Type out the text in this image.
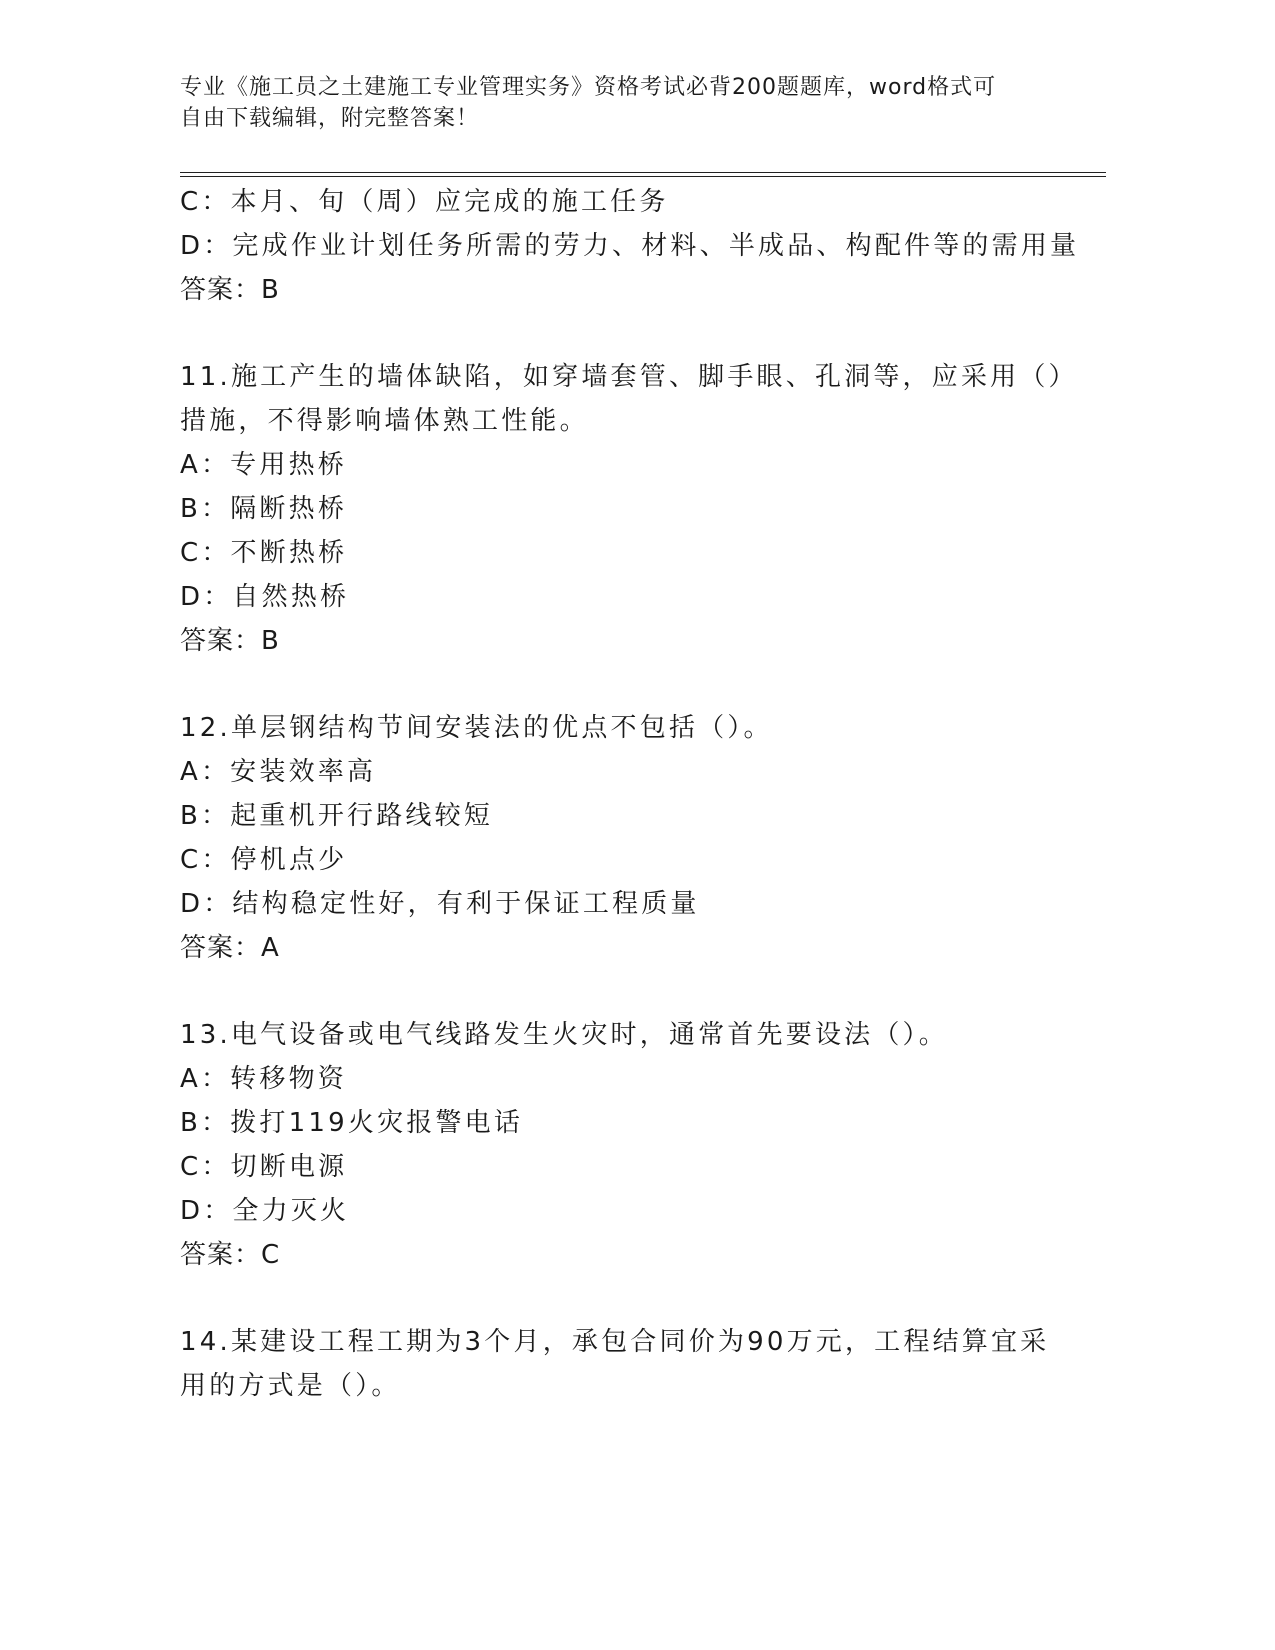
专业《施工员之土建施工专业管理实务》资格考试必背200题题库，word格式可
自由下载编辑，附完整答案！
C：本月、旬（周）应完成的施工任务
D：完成作业计划任务所需的劳力、材料、半成品、构配件等的需用量
答案：B
11.施工产生的墙体缺陷，如穿墙套管、脚手眼、孔洞等，应采用（）
措施，不得影响墙体熟工性能。
A：专用热桥
B：隔断热桥
C：不断热桥
D：自然热桥
答案：B
12.单层钢结构节间安装法的优点不包括（）。
A：安装效率高
B：起重机开行路线较短
C：停机点少
D：结构稳定性好，有利于保证工程质量
答案：A
13.电气设备或电气线路发生火灾时，通常首先要设法（）。
A：转移物资
B：拨打119火灾报警电话
C：切断电源
D：全力灭火
答案：C
14.某建设工程工期为3个月，承包合同价为90万元，工程结算宜采
用的方式是（）。
